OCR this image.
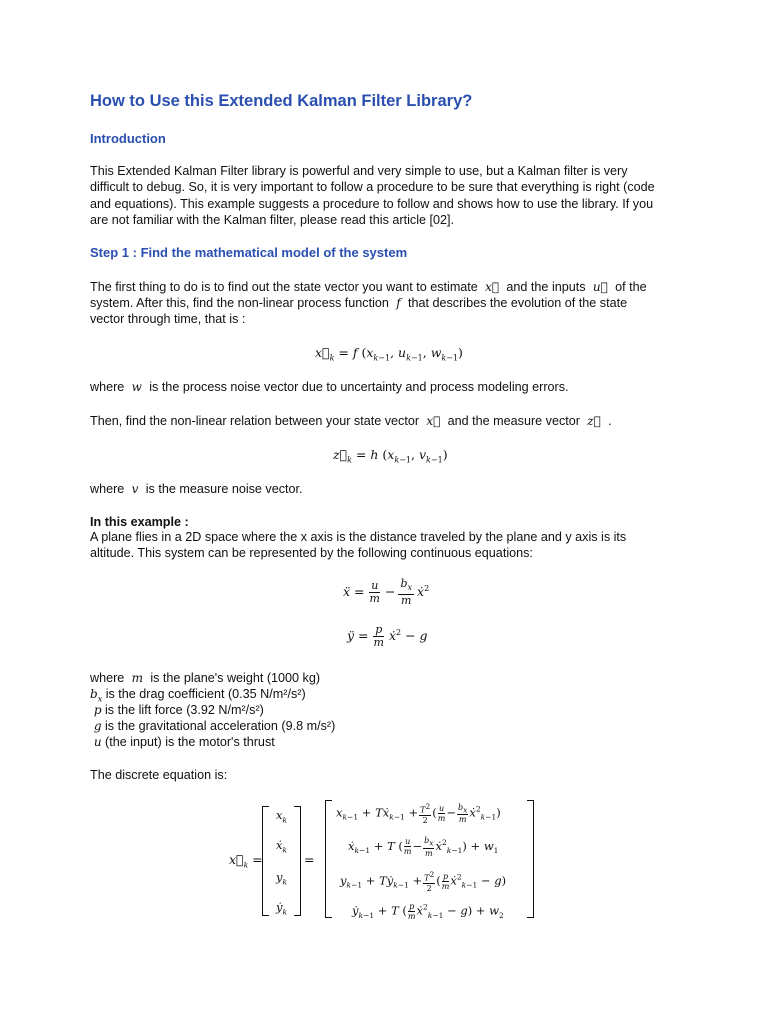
How to Use this Extended Kalman Filter Library?
Introduction
This Extended Kalman Filter library is powerful and very simple to use, but a Kalman filter is very difficult to debug. So, it is very important to follow a procedure to be sure that everything is right (code and equations). This example suggests a procedure to follow and shows how to use the library. If you are not familiar with the Kalman filter, please read this article [02].
Step 1 : Find the mathematical model of the system
The first thing to do is to find out the state vector you want to estimate  x⃗  and the inputs  u⃗  of the
system. After this, find the non-linear process function  f  that describes the evolution of the state
vector through time, that is :
$x⃗_k = f$ ($x_{k-1}$, $u_{k-1}$, $w_{k-1}$)
where  w  is the process noise vector due to uncertainty and process modeling errors.
Then, find the non-linear relation between your state vector  x⃗  and the measure vector  z⃗  .
$z⃗_k = h$ ($x_{k-1}$, $v_{k-1}$)
where  v  is the measure noise vector.
In this example :
A plane flies in a 2D space where the x axis is the distance traveled by the plane and y axis is its altitude. This system can be represented by the following continuous equations:
ẍ = $\frac{u}{m} - \frac{b_x}{m}$ ẋ$^2$
ÿ = $\frac{p}{m}$ ẋ$^2$ − g
where  m  is the plane's weight (1000 kg)
$b_x$ is the drag coefficient (0.35 N/m²/s²)
p is the lift force (3.92 N/m²/s²)
g is the gravitational acceleration (9.8 m/s²)
u (the input) is the motor's thrust
The discrete equation is:
$x⃗_k$ =
$x_k$
ẋ$_k$
$y_k$
ẏ$_k$
=
$x_{k-1}$ + Tẋ$_{k-1}$ + $\frac{T^2}{2}$ ( $\frac{u}{m} - \frac{b_x}{m}$ ẋ$^2_{k-1}$)
ẋ$_{k-1}$ + T ( $\frac{u}{m} - \frac{b_x}{m}$ ẋ$^2_{k-1}$) + $w_1$
$y_{k-1}$ + Tẏ$_{k-1}$ + $\frac{T^2}{2}$ ( $\frac{p}{m}$ ẋ$^2_{k-1}$ − g)
ẏ$_{k-1}$ + T ( $\frac{p}{m}$ ẋ$^2_{k-1}$ − $g) + w_2$
